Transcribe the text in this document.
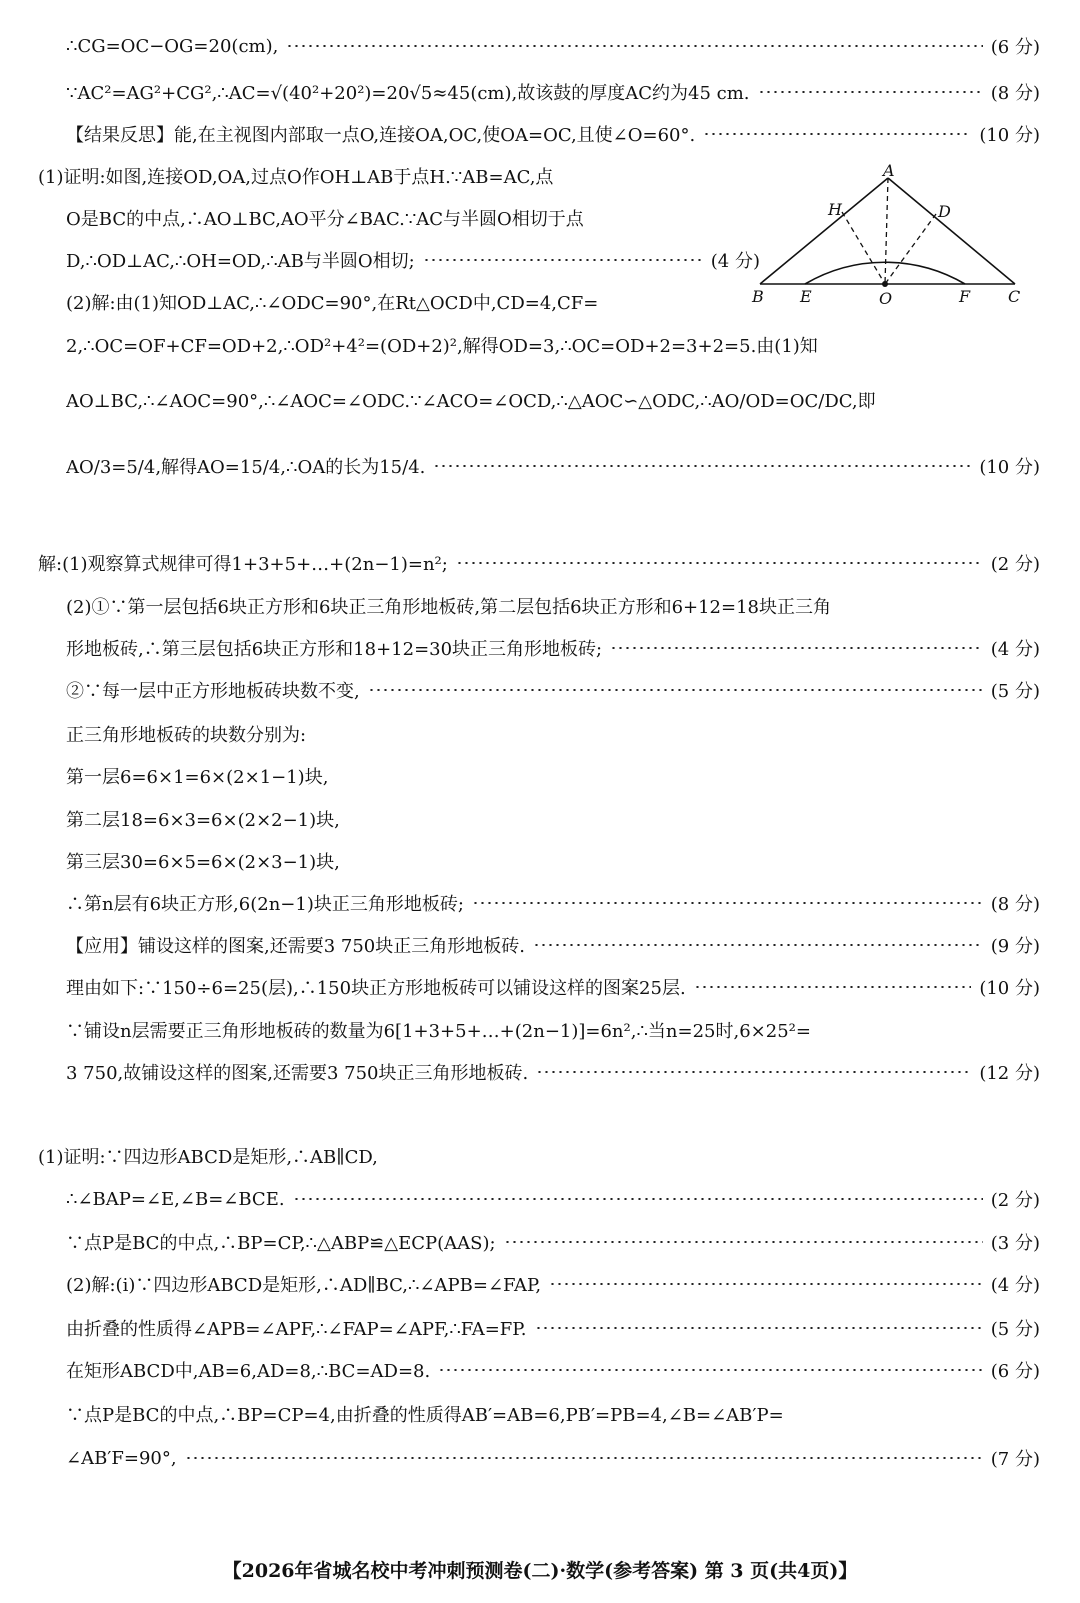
∴CG=OC−OG=20(cm),	(6 分)
∵AC²=AG²+CG²,∴AC=√(40²+20²)=20√5≈45(cm),故该鼓的厚度AC约为45 cm.	(8 分)
【结果反思】能,在主视图内部取一点O,连接OA,OC,使OA=OC,且使∠O=60°.	(10 分)
(1)证明:如图,连接OD,OA,过点O作OH⊥AB于点H.∵AB=AC,点
O是BC的中点,∴AO⊥BC,AO平分∠BAC.∵AC与半圆O相切于点
D,∴OD⊥AC,∴OH=OD,∴AB与半圆O相切;	(4 分)
(2)解:由(1)知OD⊥AC,∴∠ODC=90°,在Rt△OCD中,CD=4,CF=
2,∴OC=OF+CF=OD+2,∴OD²+4²=(OD+2)²,解得OD=3,∴OC=OD+2=3+2=5.由(1)知
AO⊥BC,∴∠AOC=90°,∴∠AOC=∠ODC.∵∠ACO=∠OCD,∴△AOC∽△ODC,∴AO/OD=OC/DC,即
AO/3=5/4,解得AO=15/4,∴OA的长为15/4.	(10 分)
A
H	D
B E	O	F C
解:(1)观察算式规律可得1+3+5+…+(2n−1)=n²;	(2 分)
(2)①∵第一层包括6块正方形和6块正三角形地板砖,第二层包括6块正方形和6+12=18块正三角
形地板砖,∴第三层包括6块正方形和18+12=30块正三角形地板砖;	(4 分)
②∵每一层中正方形地板砖块数不变,	(5 分)
正三角形地板砖的块数分别为:
第一层6=6×1=6×(2×1−1)块,
第二层18=6×3=6×(2×2−1)块,
第三层30=6×5=6×(2×3−1)块,
∴第n层有6块正方形,6(2n−1)块正三角形地板砖;	(8 分)
【应用】铺设这样的图案,还需要3 750块正三角形地板砖.	(9 分)
理由如下:∵150÷6=25(层),∴150块正方形地板砖可以铺设这样的图案25层.	(10 分)
∵铺设n层需要正三角形地板砖的数量为6[1+3+5+…+(2n−1)]=6n²,∴当n=25时,6×25²=
3 750,故铺设这样的图案,还需要3 750块正三角形地板砖.	(12 分)
(1)证明:∵四边形ABCD是矩形,∴AB∥CD,
∴∠BAP=∠E,∠B=∠BCE.	(2 分)
∵点P是BC的中点,∴BP=CP,∴△ABP≌△ECP(AAS);	(3 分)
(2)解:(ⅰ)∵四边形ABCD是矩形,∴AD∥BC,∴∠APB=∠FAP,	(4 分)
由折叠的性质得∠APB=∠APF,∴∠FAP=∠APF,∴FA=FP.	(5 分)
在矩形ABCD中,AB=6,AD=8,∴BC=AD=8.	(6 分)
∵点P是BC的中点,∴BP=CP=4,由折叠的性质得AB′=AB=6,PB′=PB=4,∠B=∠AB′P=
∠AB′F=90°,	(7 分)
【2026年省城名校中考冲刺预测卷(二)·数学(参考答案) 第 3 页(共4页)】
